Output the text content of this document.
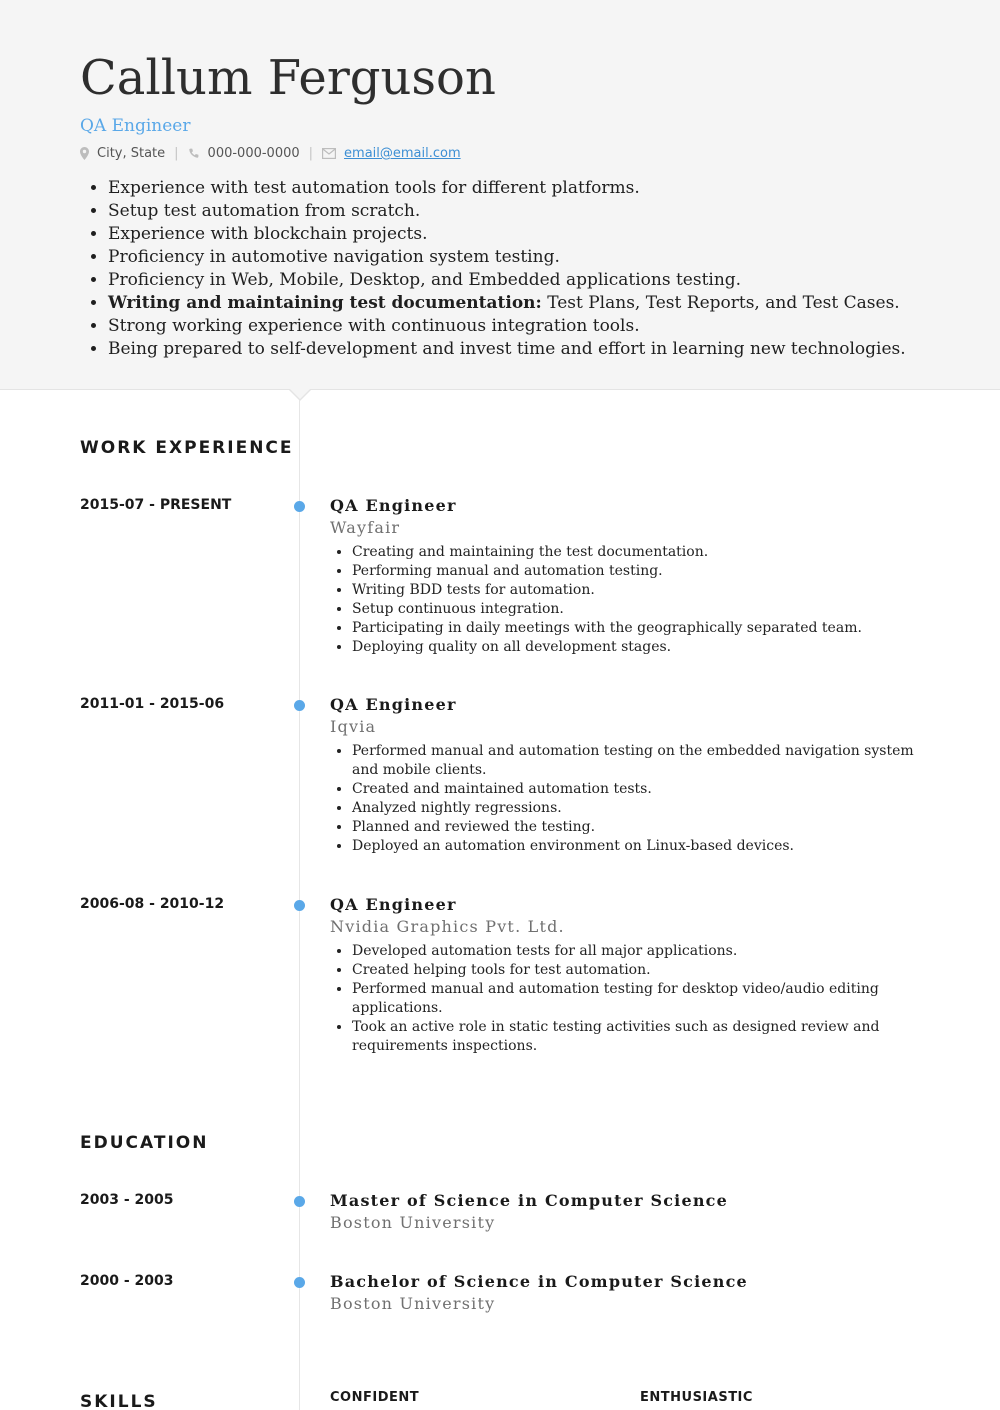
Callum Ferguson
QA Engineer
City, State | 000-000-0000 | email@email.com
• Experience with test automation tools for different platforms.
• Setup test automation from scratch.
• Experience with blockchain projects.
• Proficiency in automotive navigation system testing.
• Proficiency in Web, Mobile, Desktop, and Embedded applications testing.
• Writing and maintaining test documentation: Test Plans, Test Reports, and Test Cases.
• Strong working experience with continuous integration tools.
• Being prepared to self-development and invest time and effort in learning new technologies.
WORK EXPERIENCE
2015-07 - PRESENT	QA Engineer
Wayfair
• Creating and maintaining the test documentation.
• Performing manual and automation testing.
• Writing BDD tests for automation.
• Setup continuous integration.
• Participating in daily meetings with the geographically separated team.
• Deploying quality on all development stages.
2011-01 - 2015-06	QA Engineer
Iqvia
• Performed manual and automation testing on the embedded navigation system and mobile clients.
• Created and maintained automation tests.
• Analyzed nightly regressions.
• Planned and reviewed the testing.
• Deployed an automation environment on Linux-based devices.
2006-08 - 2010-12	QA Engineer
Nvidia Graphics Pvt. Ltd.
• Developed automation tests for all major applications.
• Created helping tools for test automation.
• Performed manual and automation testing for desktop video/audio editing applications.
• Took an active role in static testing activities such as designed review and requirements inspections.
EDUCATION
2003 - 2005	Master of Science in Computer Science
Boston University
2000 - 2003	Bachelor of Science in Computer Science
Boston University
SKILLS	CONFIDENT	ENTHUSIASTIC
